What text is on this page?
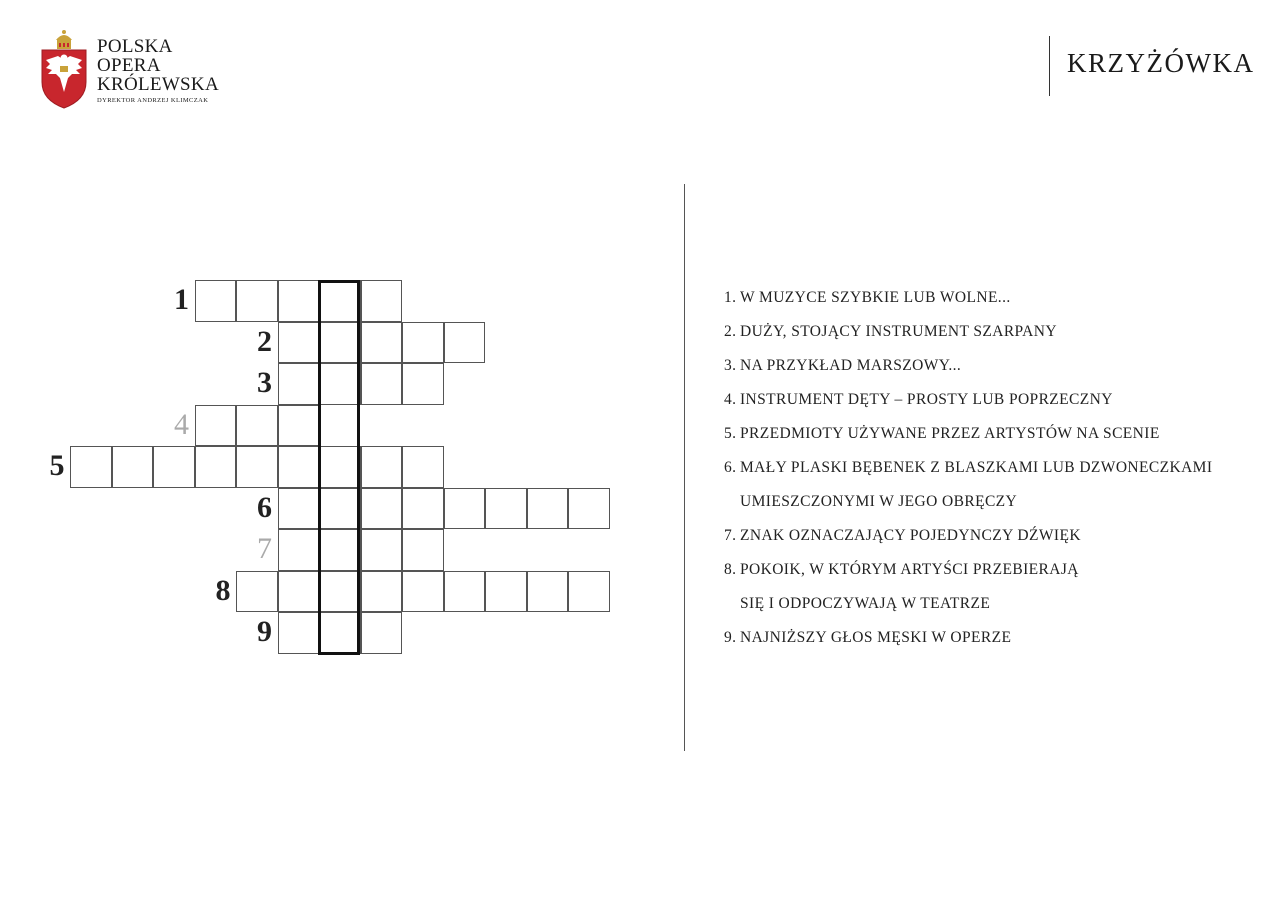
POLSKA
OPERA
KRÓLEWSKA
DYREKTOR ANDRZEJ KLIMCZAK
KRZYŻÓWKA
1
2
3
4
5
6
7
8
9
1. W MUZYCE SZYBKIE LUB WOLNE...
2. DUŻY, STOJĄCY INSTRUMENT SZARPANY
3. NA PRZYKŁAD MARSZOWY...
4. INSTRUMENT DĘTY – PROSTY LUB POPRZECZNY
5. PRZEDMIOTY UŻYWANE PRZEZ ARTYSTÓW NA SCENIE
6. MAŁY PLASKI BĘBENEK Z BLASZKAMI LUB DZWONECZKAMI
UMIESZCZONYMI W JEGO OBRĘCZY
7. ZNAK OZNACZAJĄCY POJEDYNCZY DŹWIĘK
8. POKOIK, W KTÓRYM ARTYŚCI PRZEBIERAJĄ
SIĘ I ODPOCZYWAJĄ W TEATRZE
9. NAJNIŻSZY GŁOS MĘSKI W OPERZE
